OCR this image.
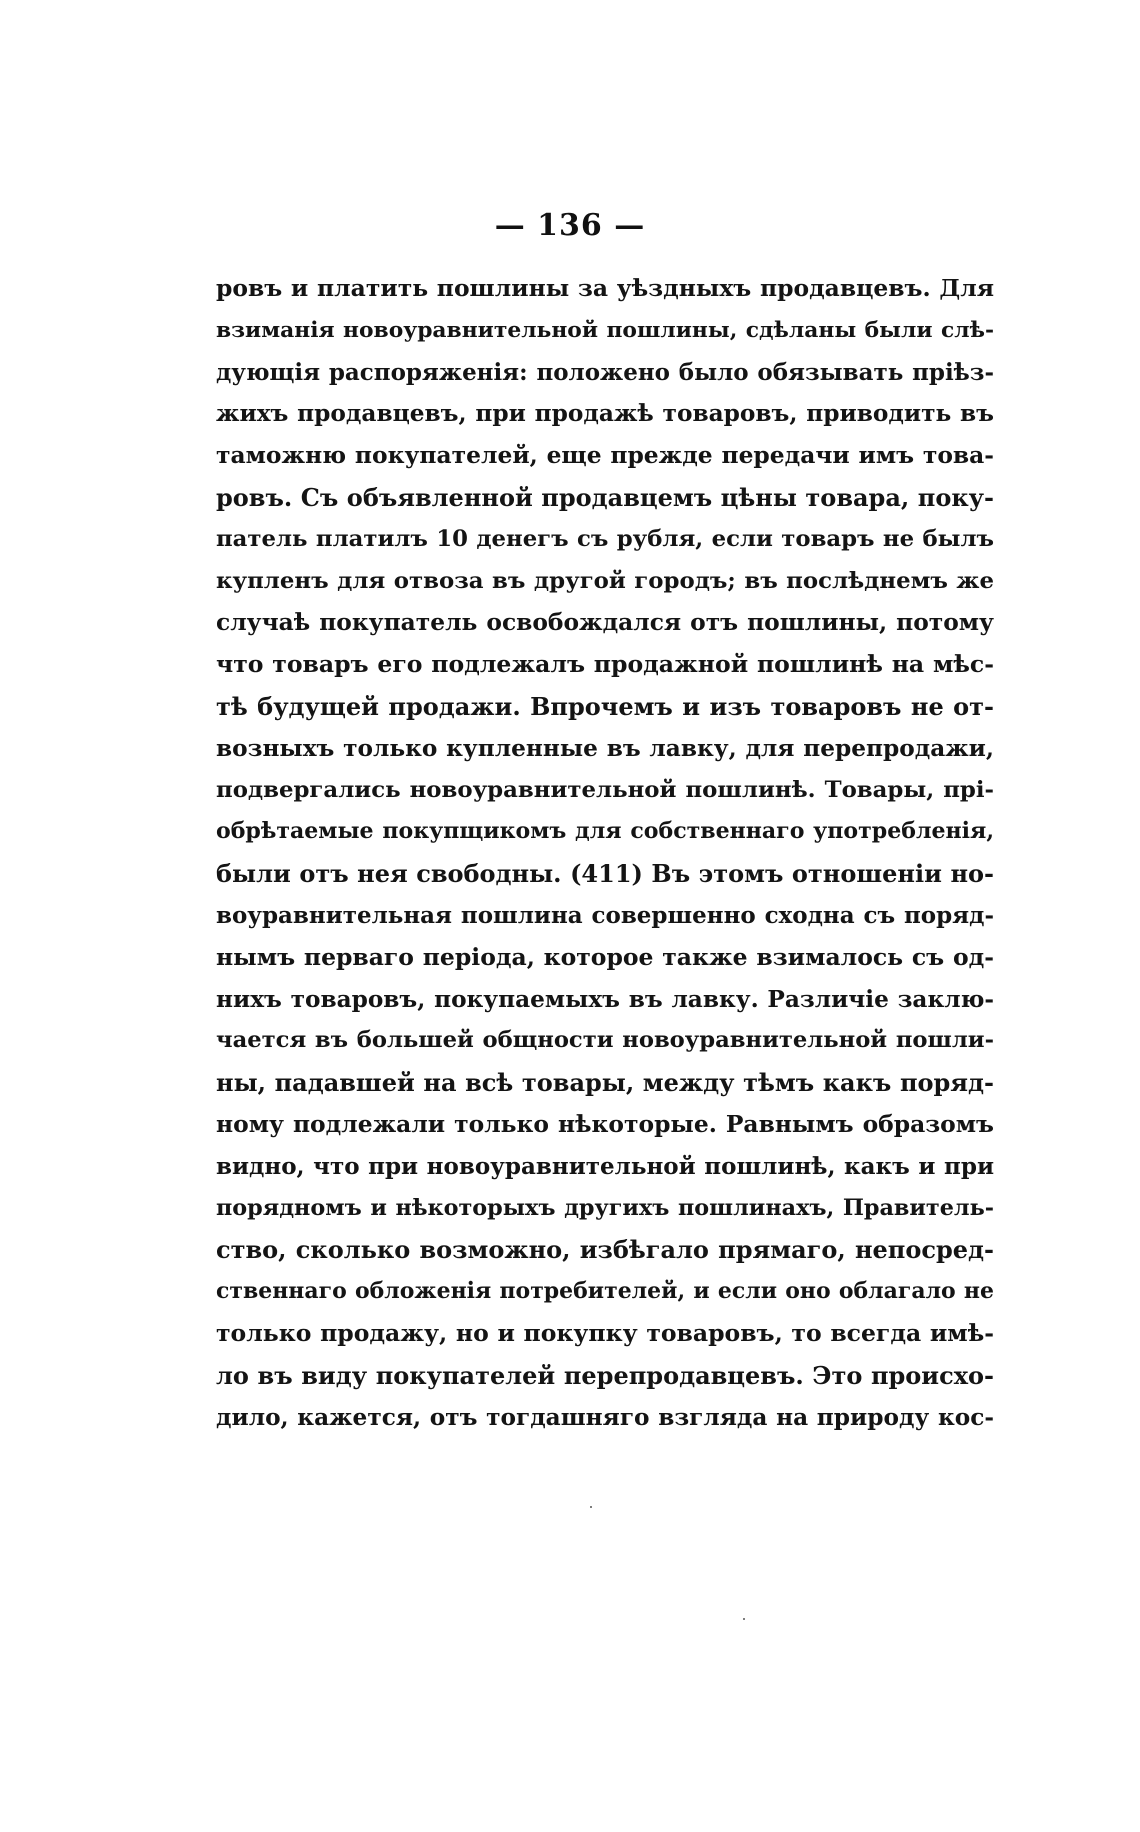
— 136 —
ровъ и платить пошлины за уѣздныхъ продавцевъ. Для
взиманія новоуравнительной пошлины, сдѣланы были слѣ-
дующія распоряженія: положено было обязывать пріѣз-
жихъ продавцевъ, при продажѣ товаровъ, приводить въ
таможню покупателей, еще прежде передачи имъ това-
ровъ. Съ объявленной продавцемъ цѣны товара, поку-
патель платилъ 10 денегъ съ рубля, если товаръ не былъ
купленъ для отвоза въ другой городъ; въ послѣднемъ же
случаѣ покупатель освобождался отъ пошлины, потому
что товаръ его подлежалъ продажной пошлинѣ на мѣс-
тѣ будущей продажи. Впрочемъ и изъ товаровъ не от-
возныхъ только купленные въ лавку, для перепродажи,
подвергались новоуравнительной пошлинѣ. Товары, прі-
обрѣтаемые покупщикомъ для собственнаго употребленія,
были отъ нея свободны. (411) Въ этомъ отношеніи но-
воуравнительная пошлина совершенно сходна съ поряд-
нымъ перваго періода, которое также взималось съ од-
нихъ товаровъ, покупаемыхъ въ лавку. Различіе заклю-
чается въ большей общности новоуравнительной пошли-
ны, падавшей на всѣ товары, между тѣмъ какъ поряд-
ному подлежали только нѣкоторые. Равнымъ образомъ
видно, что при новоуравнительной пошлинѣ, какъ и при
порядномъ и нѣкоторыхъ другихъ пошлинахъ, Правитель-
ство, сколько возможно, избѣгало прямаго, непосред-
ственнаго обложенія потребителей, и если оно облагало не
только продажу, но и покупку товаровъ, то всегда имѣ-
ло въ виду покупателей перепродавцевъ. Это происхо-
дило, кажется, отъ тогдашняго взгляда на природу кос-
